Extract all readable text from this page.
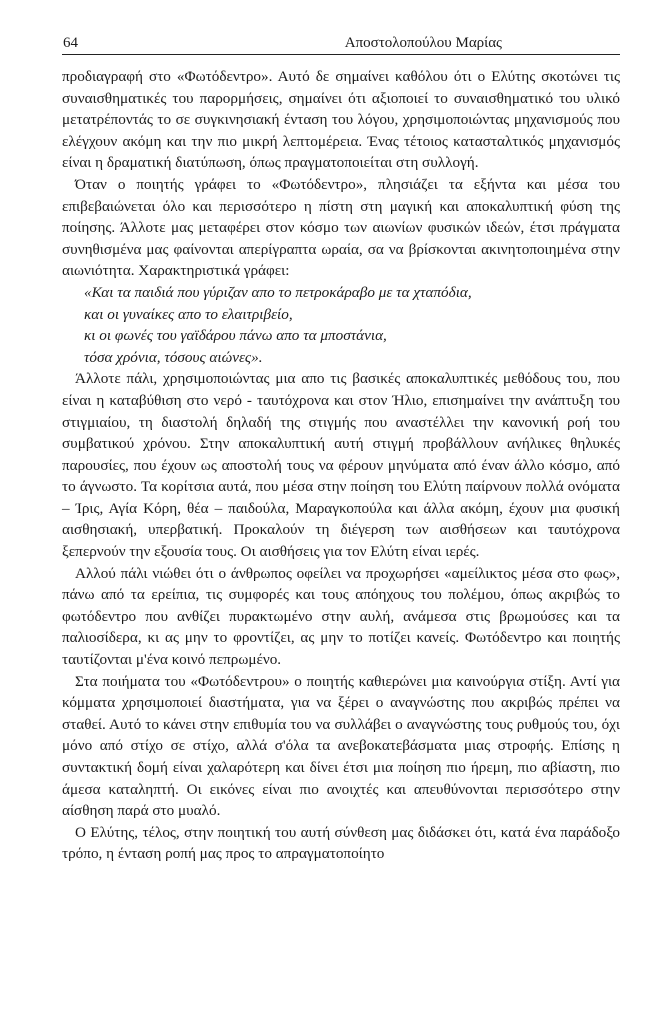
64	Αποστολοπούλου Μαρίας

προδιαγραφή στο «Φωτόδεντρο». Αυτό δε σημαίνει καθόλου ότι ο Ελύτης σκοτώνει τις συναισθηματικές του παρορμήσεις, σημαίνει ότι αξιοποιεί το συναισθηματικό του υλικό μετατρέποντάς το σε συγκινησιακή ένταση του λόγου, χρησιμοποιώντας μηχανισμούς που ελέγχουν ακόμη και την πιο μικρή λεπτομέρεια. Ένας τέτοιος κατασταλτικός μηχανισμός είναι η δραματική διατύπωση, όπως πραγματοποιείται στη συλλογή.

Όταν ο ποιητής γράφει το «Φωτόδεντρο», πλησιάζει τα εξήντα και μέσα του επιβεβαιώνεται όλο και περισσότερο η πίστη στη μαγική και αποκαλυπτική φύση της ποίησης. Άλλοτε μας μεταφέρει στον κόσμο των αιωνίων φυσικών ιδεών, έτσι πράγματα συνηθισμένα μας φαίνονται απερίγραπτα ωραία, σα να βρίσκονται ακινητοποιημένα στην αιωνιότητα. Χαρακτηριστικά γράφει:

«Και τα παιδιά που γύριζαν απο το πετροκάραβο με τα χταπόδια,
και οι γυναίκες απο το ελαιτριβείο,
κι οι φωνές του γαϊδάρου πάνω απο τα μποστάνια,
τόσα χρόνια, τόσους αιώνες».

Άλλοτε πάλι, χρησιμοποιώντας μια απο τις βασικές αποκαλυπτικές μεθόδους του, που είναι η καταβύθιση στο νερό - ταυτόχρονα και στον Ήλιο, επισημαίνει την ανάπτυξη του στιγμιαίου, τη διαστολή δηλαδή της στιγμής που αναστέλλει την κανονική ροή του συμβατικού χρόνου. Στην αποκαλυπτική αυτή στιγμή προβάλλουν ανήλικες θηλυκές παρουσίες, που έχουν ως αποστολή τους να φέρουν μηνύματα από έναν άλλο κόσμο, από το άγνωστο. Τα κορίτσια αυτά, που μέσα στην ποίηση του Ελύτη παίρνουν πολλά ονόματα – Ίρις, Αγία Κόρη, θέα – παιδούλα, Μαραγκοπούλα και άλλα ακόμη, έχουν μια φυσική αισθησιακή, υπερβατική. Προκαλούν τη διέγερση των αισθήσεων και ταυτόχρονα ξεπερνούν την εξουσία τους. Οι αισθήσεις για τον Ελύτη είναι ιερές.

Αλλού πάλι νιώθει ότι ο άνθρωπος οφείλει να προχωρήσει «αμείλικτος μέσα στο φως», πάνω από τα ερείπια, τις συμφορές και τους απόηχους του πολέμου, όπως ακριβώς το φωτόδεντρο που ανθίζει πυρακτωμένο στην αυλή, ανάμεσα στις βρωμούσες και τα παλιοσίδερα, κι ας μην το φροντίζει, ας μην το ποτίζει κανείς. Φωτόδεντρο και ποιητής ταυτίζονται μ'ένα κοινό πεπρωμένο.

Στα ποιήματα του «Φωτόδεντρου» ο ποιητής καθιερώνει μια καινούργια στίξη. Αντί για κόμματα χρησιμοποιεί διαστήματα, για να ξέρει ο αναγνώστης που ακριβώς πρέπει να σταθεί. Αυτό το κάνει στην επιθυμία του να συλλάβει ο αναγνώστης τους ρυθμούς του, όχι μόνο από στίχο σε στίχο, αλλά σ'όλα τα ανεβοκατεβάσματα μιας στροφής. Επίσης η συντακτική δομή είναι χαλαρότερη και δίνει έτσι μια ποίηση πιο ήρεμη, πιο αβίαστη, πιο άμεσα καταληπτή. Οι εικόνες είναι πιο ανοιχτές και απευθύνονται περισσότερο στην αίσθηση παρά στο μυαλό.

Ο Ελύτης, τέλος, στην ποιητική του αυτή σύνθεση μας διδάσκει ότι, κατά ένα παράδοξο τρόπο, η ένταση ροπή μας προς το απραγματοποίητο
